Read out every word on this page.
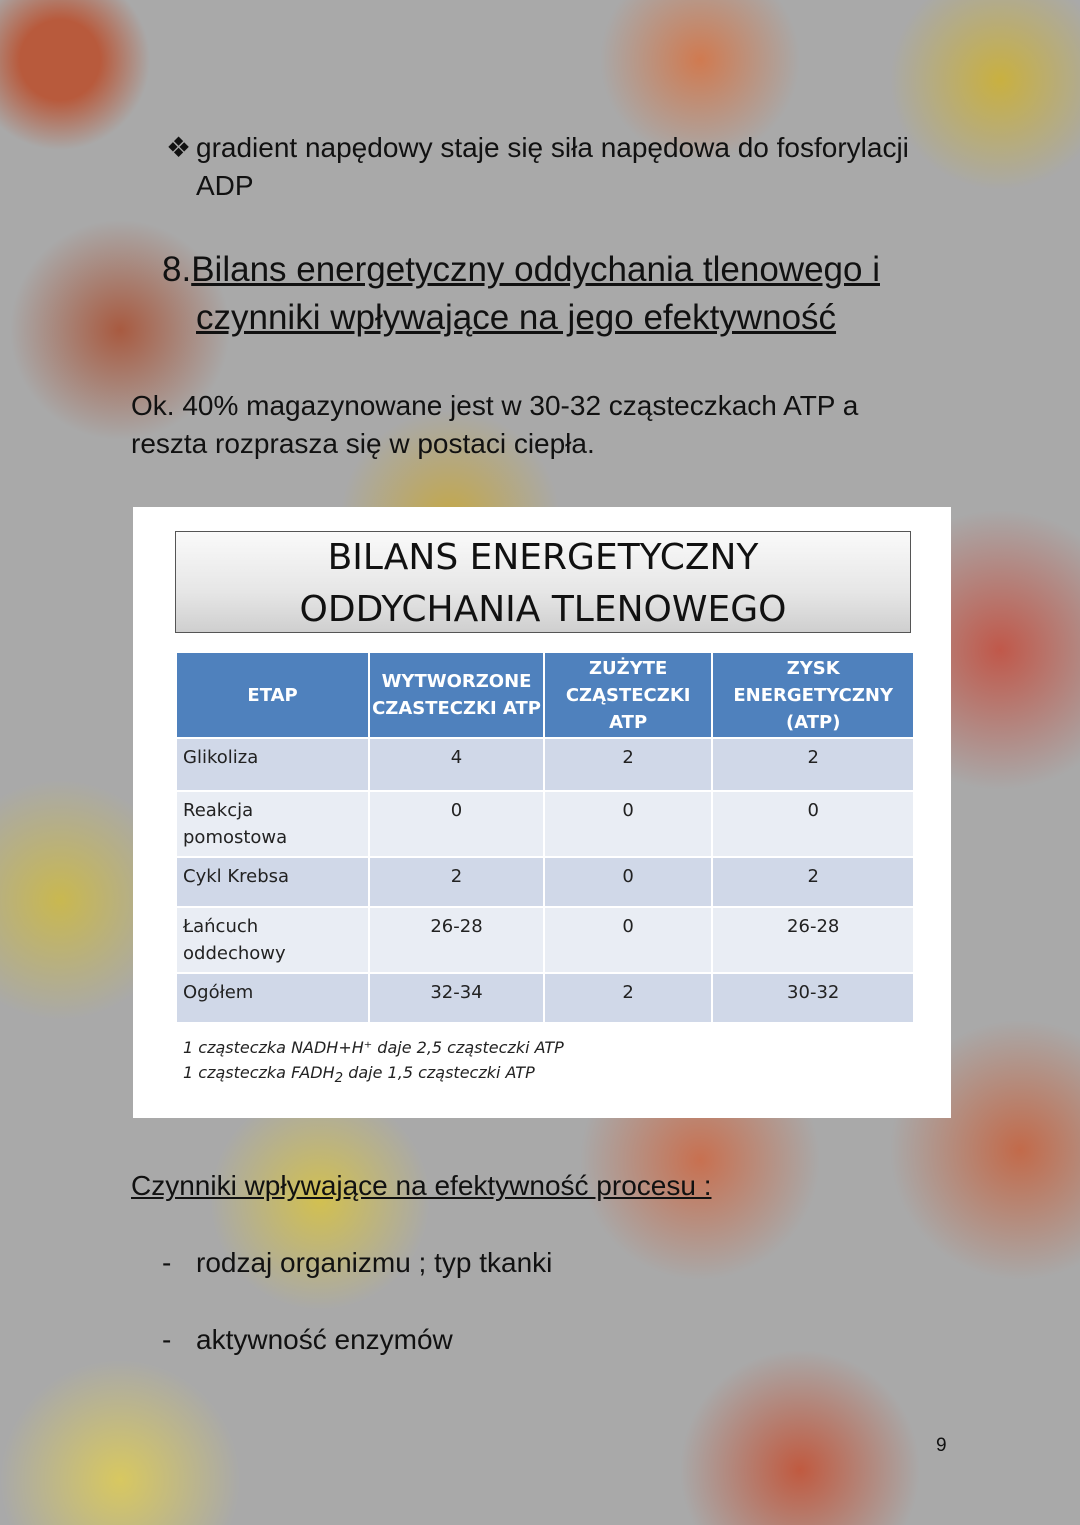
❖ gradient napędowy staje się siła napędowa do fosforylacji
ADP
8.Bilans energetyczny oddychania tlenowego i
czynniki wpływające na jego efektywność
Ok. 40% magazynowane jest w 30-32 cząsteczkach ATP a
reszta rozprasza się w postaci ciepła.
BILANS ENERGETYCZNY
ODDYCHANIA TLENOWEGO
ETAP	WYTWORZONE CZASTECZKI ATP	ZUŻYTE CZĄSTECZKI ATP	ZYSK ENERGETYCZNY (ATP)
Glikoliza	4	2	2
Reakcja pomostowa	0	0	0
Cykl Krebsa	2	0	2
Łańcuch oddechowy	26-28	0	26-28
Ogółem	32-34	2	30-32
1 cząsteczka NADH+H⁺ daje 2,5 cząsteczki ATP
1 cząsteczka $FADH_2$ daje 1,5 cząsteczki ATP
Czynniki wpływające na efektywność procesu :
- rodzaj organizmu ; typ tkanki
- aktywność enzymów
9
